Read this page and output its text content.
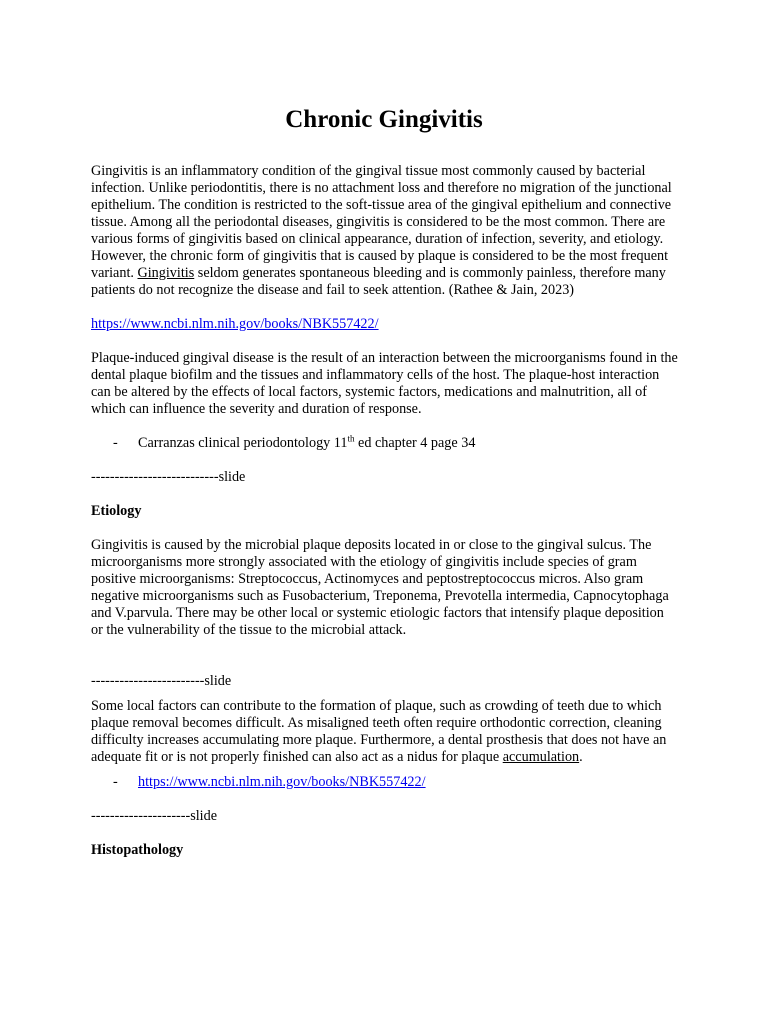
Chronic Gingivitis

Gingivitis is an inflammatory condition of the gingival tissue most commonly caused by bacterial infection. Unlike periodontitis, there is no attachment loss and therefore no migration of the junctional epithelium. The condition is restricted to the soft-tissue area of the gingival epithelium and connective tissue. Among all the periodontal diseases, gingivitis is considered to be the most common. There are various forms of gingivitis based on clinical appearance, duration of infection, severity, and etiology. However, the chronic form of gingivitis that is caused by plaque is considered to be the most frequent variant. Gingivitis seldom generates spontaneous bleeding and is commonly painless, therefore many patients do not recognize the disease and fail to seek attention. (Rathee & Jain, 2023)

https://www.ncbi.nlm.nih.gov/books/NBK557422/

Plaque-induced gingival disease is the result of an interaction between the microorganisms found in the dental plaque biofilm and the tissues and inflammatory cells of the host. The plaque-host interaction can be altered by the effects of local factors, systemic factors, medications and malnutrition, all of which can influence the severity and duration of response.

-	Carranzas clinical periodontology 11th ed chapter 4 page 34

---------------------------slide

Etiology

Gingivitis is caused by the microbial plaque deposits located in or close to the gingival sulcus. The microorganisms more strongly associated with the etiology of gingivitis include species of gram positive microorganisms: Streptococcus, Actinomyces and peptostreptococcus micros. Also gram negative microorganisms such as Fusobacterium, Treponema, Prevotella intermedia, Capnocytophaga and V.parvula. There may be other local or systemic etiologic factors that intensify plaque deposition or the vulnerability of the tissue to the microbial attack.

------------------------slide

Some local factors can contribute to the formation of plaque, such as crowding of teeth due to which plaque removal becomes difficult. As misaligned teeth often require orthodontic correction, cleaning difficulty increases accumulating more plaque. Furthermore, a dental prosthesis that does not have an adequate fit or is not properly finished can also act as a nidus for plaque accumulation.

-	https://www.ncbi.nlm.nih.gov/books/NBK557422/

---------------------slide

Histopathology
